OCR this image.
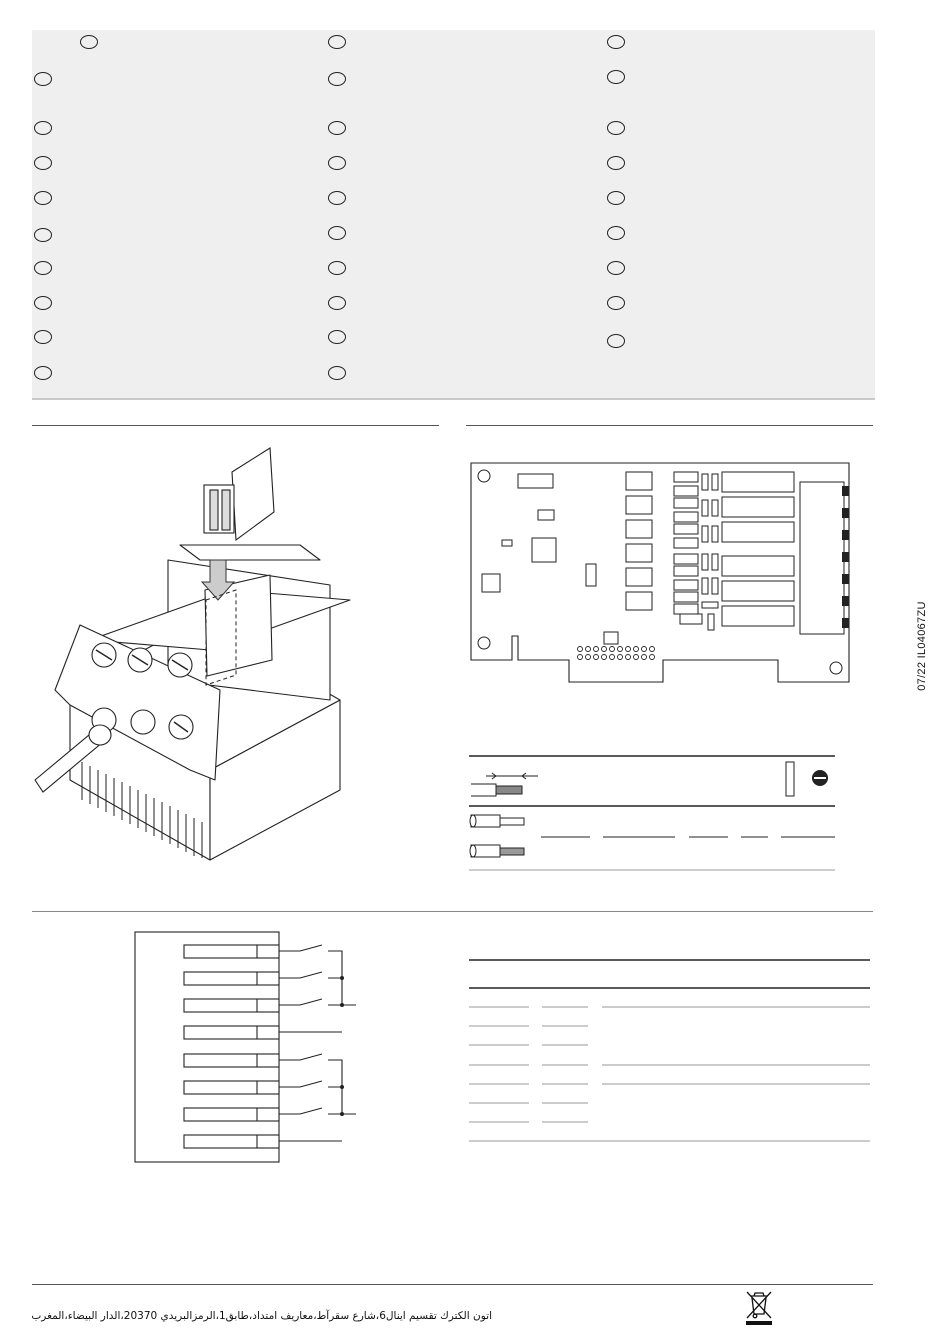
07/22 IL04067ZU
اتون الكترك تقسيم اينال6،شارع سقرآط،معاريف امتداد،طابق1،الرمزالبريدي 20370،الدار البيضاء،المغرب
